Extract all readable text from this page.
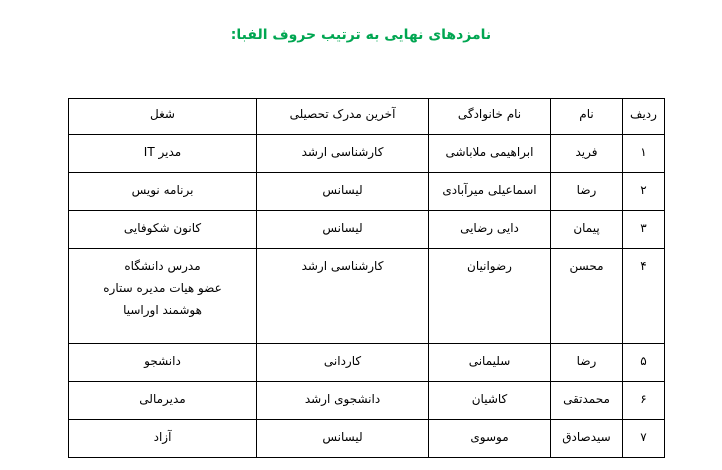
نامزدهای نهایی به ترتیب حروف الفبا:
ردیف	نام	نام خانوادگی	آخرین مدرک تحصیلی	شغل
۱	فرید	ابراهیمی ملاباشی	کارشناسی ارشد	مدیر IT

۲	رضا	اسماعیلی میرآبادی	لیسانس	برنامه نویس

۳	پیمان	دایی رضایی	لیسانس	کانون شکوفایی

۴	محسن	رضوانیان	کارشناسی ارشد	مدرس دانشگاه
عضو هیات مدیره ستاره
هوشمند اوراسیا

۵	رضا	سلیمانی	کاردانی	دانشجو

۶	محمدتقی	کاشیان	دانشجوی ارشد	مدیرمالی

۷	سیدصادق	موسوی	لیسانس	آزاد
